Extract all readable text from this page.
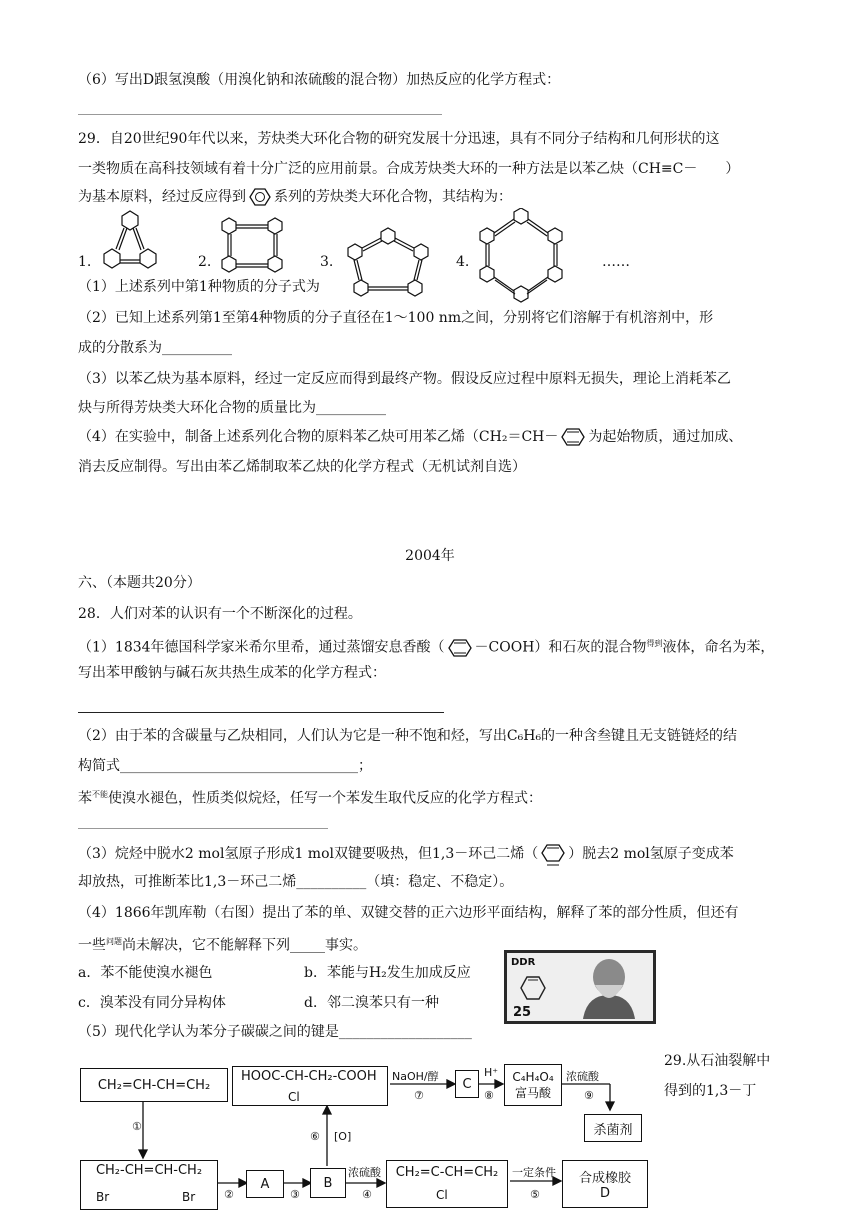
（6）写出D跟氢溴酸（用溴化钠和浓硫酸的混合物）加热反应的化学方程式：
29．自20世纪90年代以来，芳炔类大环化合物的研究发展十分迅速，具有不同分子结构和几何形状的这
一类物质在高科技领域有着十分广泛的应用前景。合成芳炔类大环的一种方法是以苯乙炔（CH≡C－　　）
为基本原料，经过反应得到 系列的芳炔类大环化合物，其结构为：
1.	2.	3.	4.	……
（1）上述系列中第1种物质的分子式为
（2）已知上述系列第1至第4种物质的分子直径在1～100 nm之间，分别将它们溶解于有机溶剂中，形
成的分散系为__________
（3）以苯乙炔为基本原料，经过一定反应而得到最终产物。假设反应过程中原料无损失，理论上消耗苯乙
炔与所得芳炔类大环化合物的质量比为__________
（4）在实验中，制备上述系列化合物的原料苯乙炔可用苯乙烯（CH₂＝CH－ 为起始物质，通过加成、
消去反应制得。写出由苯乙烯制取苯乙炔的化学方程式（无机试剂自选）
2004年
六、（本题共20分）
28．人们对苯的认识有一个不断深化的过程。
（1）1834年德国科学家米希尔里希，通过蒸馏安息香酸（ －COOH）和石灰的混合物$^{得到}$液体，命名为苯，
写出苯甲酸钠与碱石灰共热生成苯的化学方程式：
（2）由于苯的含碳量与乙炔相同，人们认为它是一种不饱和烃，写出C₆H₆的一种含叁键且无支链链烃的结
构简式__________________________________；
苯$^{不能}$使溴水褪色，性质类似烷烃，任写一个苯发生取代反应的化学方程式：
（3）烷烃中脱水2 mol氢原子形成1 mol双键要吸热，但1,3－环己二烯（ ）脱去2 mol氢原子变成苯
却放热，可推断苯比1,3－环己二烯__________（填：稳定、不稳定）。
（4）1866年凯库勒（右图）提出了苯的单、双键交替的正六边形平面结构，解释了苯的部分性质，但还有
一些$^{问题}$尚未解决，它不能解释下列_____事实。
a．苯不能使溴水褪色	b．苯能与H₂发生加成反应
c．溴苯没有同分异构体	d．邻二溴苯只有一种
（5）现代化学认为苯分子碳碳之间的键是___________________
DDR
25
29.从石油裂解中
得到的1,3－丁
CH₂=CH-CH=CH₂
HOOC-CH-CH₂-COOH
Cl
NaOH/醇
⑦
C
H⁺
⑧
C₄H₄O₄
富马酸
浓硫酸
⑨
杀菌剂
①
⑥ [O]
CH₂-CH=CH-CH₂
Br	Br	②
A
③
B
浓硫酸
④
CH₂=C-CH=CH₂
Cl
一定条件
⑤
合成橡胶
D
